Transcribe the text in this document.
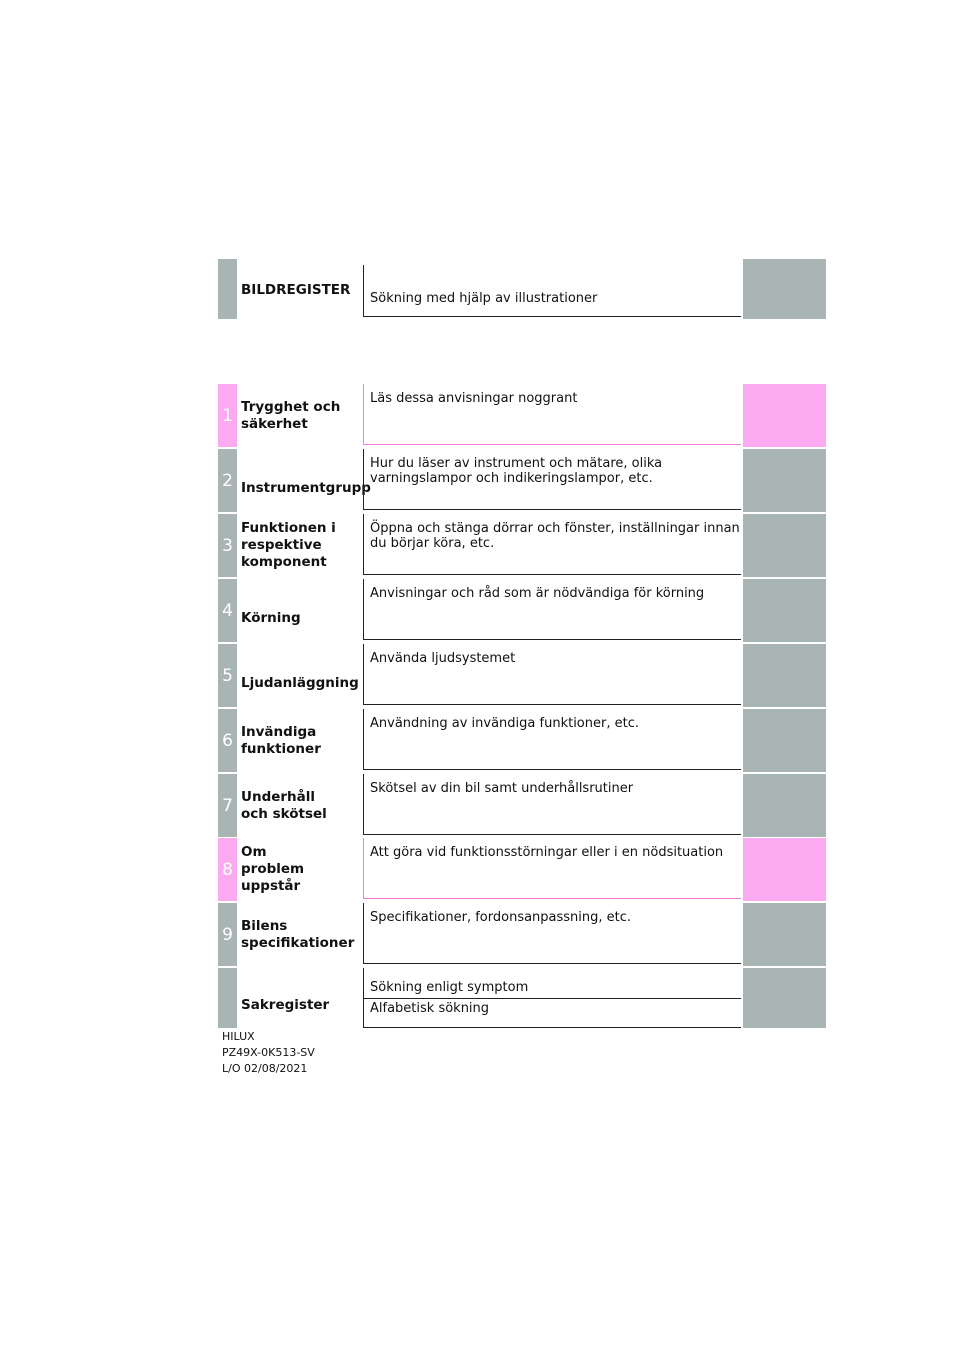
BILDREGISTER
Sökning med hjälp av illustrationer
1 Trygghet och säkerhet
Läs dessa anvisningar noggrant
2 Instrumentgrupp
Hur du läser av instrument och mätare, olika varningslampor och indikeringslampor, etc.
3
Funktionen i respektive komponent
Öppna och stänga dörrar och fönster, inställningar innan du börjar köra, etc.
4 Körning
Anvisningar och råd som är nödvändiga för körning
5 Ljudanläggning
Använda ljudsystemet
6 Invändiga funktioner
Användning av invändiga funktioner, etc.
7 Underhåll och skötsel
Skötsel av din bil samt underhållsrutiner
8
Om problem uppstår
Att göra vid funktionsstörningar eller i en nödsituation
9 Bilens specifikationer
Specifikationer, fordonsanpassning, etc.
Sakregister
Sökning enligt symptom
Alfabetisk sökning
HILUX
PZ49X-0K513-SV
L/O 02/08/2021
